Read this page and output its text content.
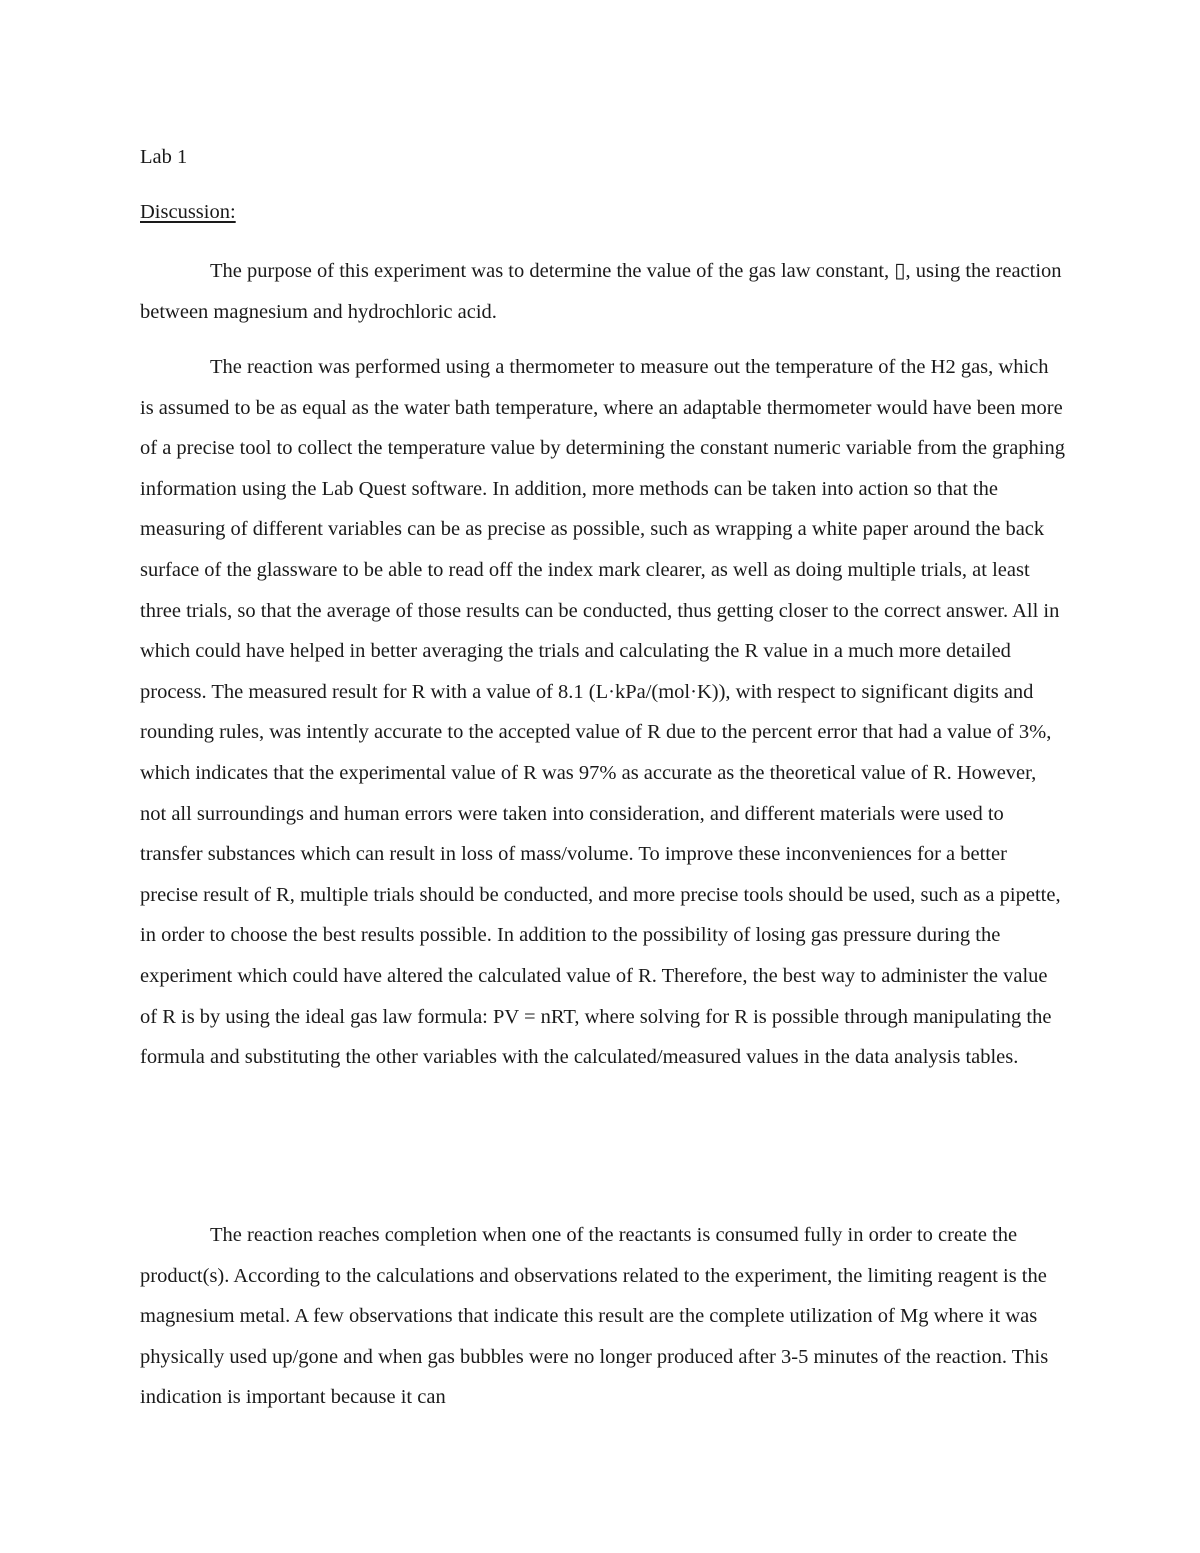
Lab 1
Discussion:

The purpose of this experiment was to determine the value of the gas law constant, ▯, using the reaction between magnesium and hydrochloric acid.

The reaction was performed using a thermometer to measure out the temperature of the H2 gas, which is assumed to be as equal as the water bath temperature, where an adaptable thermometer would have been more of a precise tool to collect the temperature value by determining the constant numeric variable from the graphing information using the Lab Quest software. In addition, more methods can be taken into action so that the measuring of different variables can be as precise as possible, such as wrapping a white paper around the back surface of the glassware to be able to read off the index mark clearer, as well as doing multiple trials, at least three trials, so that the average of those results can be conducted, thus getting closer to the correct answer. All in which could have helped in better averaging the trials and calculating the R value in a much more detailed process. The measured result for R with a value of 8.1 (L·kPa/(mol·K)), with respect to significant digits and rounding rules, was intently accurate to the accepted value of R due to the percent error that had a value of 3%, which indicates that the experimental value of R was 97% as accurate as the theoretical value of R. However, not all surroundings and human errors were taken into consideration, and different materials were used to transfer substances which can result in loss of mass/volume. To improve these inconveniences for a better precise result of R, multiple trials should be conducted, and more precise tools should be used, such as a pipette, in order to choose the best results possible. In addition to the possibility of losing gas pressure during the experiment which could have altered the calculated value of R. Therefore, the best way to administer the value of R is by using the ideal gas law formula: PV = nRT, where solving for R is possible through manipulating the formula and substituting the other variables with the calculated/measured values in the data analysis tables.

The reaction reaches completion when one of the reactants is consumed fully in order to create the product(s). According to the calculations and observations related to the experiment, the limiting reagent is the magnesium metal. A few observations that indicate this result are the complete utilization of Mg where it was physically used up/gone and when gas bubbles were no longer produced after 3-5 minutes of the reaction. This indication is important because it can
